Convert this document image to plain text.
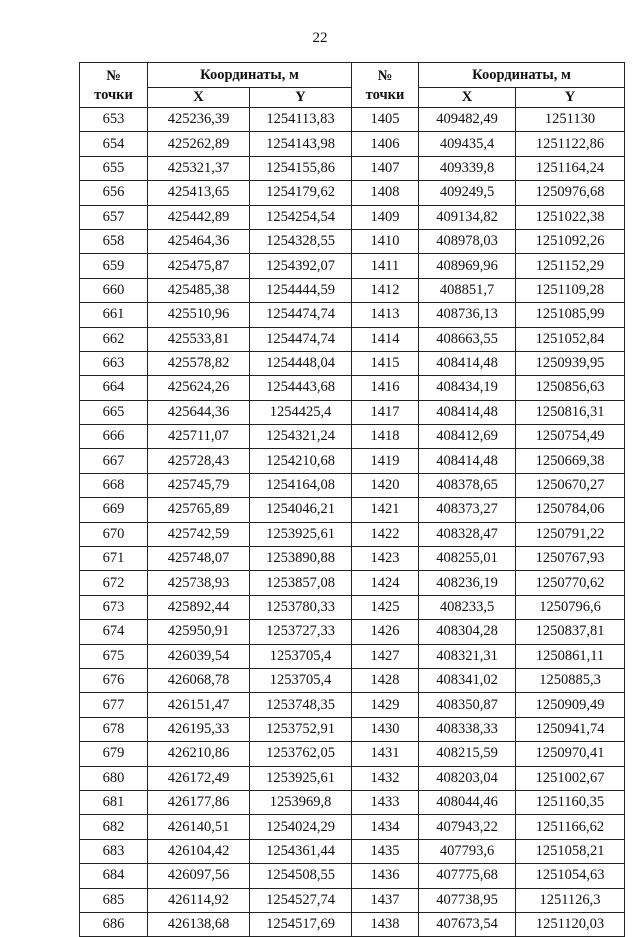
22
№
точки	Координаты, м		№
точки	Координаты, м	
	X	Y		X	Y
653	425236,39	1254113,83	1405	409482,49	1251130
654	425262,89	1254143,98	1406	409435,4	1251122,86
655	425321,37	1254155,86	1407	409339,8	1251164,24
656	425413,65	1254179,62	1408	409249,5	1250976,68
657	425442,89	1254254,54	1409	409134,82	1251022,38
658	425464,36	1254328,55	1410	408978,03	1251092,26
659	425475,87	1254392,07	1411	408969,96	1251152,29
660	425485,38	1254444,59	1412	408851,7	1251109,28
661	425510,96	1254474,74	1413	408736,13	1251085,99
662	425533,81	1254474,74	1414	408663,55	1251052,84
663	425578,82	1254448,04	1415	408414,48	1250939,95
664	425624,26	1254443,68	1416	408434,19	1250856,63
665	425644,36	1254425,4	1417	408414,48	1250816,31
666	425711,07	1254321,24	1418	408412,69	1250754,49
667	425728,43	1254210,68	1419	408414,48	1250669,38
668	425745,79	1254164,08	1420	408378,65	1250670,27
669	425765,89	1254046,21	1421	408373,27	1250784,06
670	425742,59	1253925,61	1422	408328,47	1250791,22
671	425748,07	1253890,88	1423	408255,01	1250767,93
672	425738,93	1253857,08	1424	408236,19	1250770,62
673	425892,44	1253780,33	1425	408233,5	1250796,6
674	425950,91	1253727,33	1426	408304,28	1250837,81
675	426039,54	1253705,4	1427	408321,31	1250861,11
676	426068,78	1253705,4	1428	408341,02	1250885,3
677	426151,47	1253748,35	1429	408350,87	1250909,49
678	426195,33	1253752,91	1430	408338,33	1250941,74
679	426210,86	1253762,05	1431	408215,59	1250970,41
680	426172,49	1253925,61	1432	408203,04	1251002,67
681	426177,86	1253969,8	1433	408044,46	1251160,35
682	426140,51	1254024,29	1434	407943,22	1251166,62
683	426104,42	1254361,44	1435	407793,6	1251058,21
684	426097,56	1254508,55	1436	407775,68	1251054,63
685	426114,92	1254527,74	1437	407738,95	1251126,3
686	426138,68	1254517,69	1438	407673,54	1251120,03
